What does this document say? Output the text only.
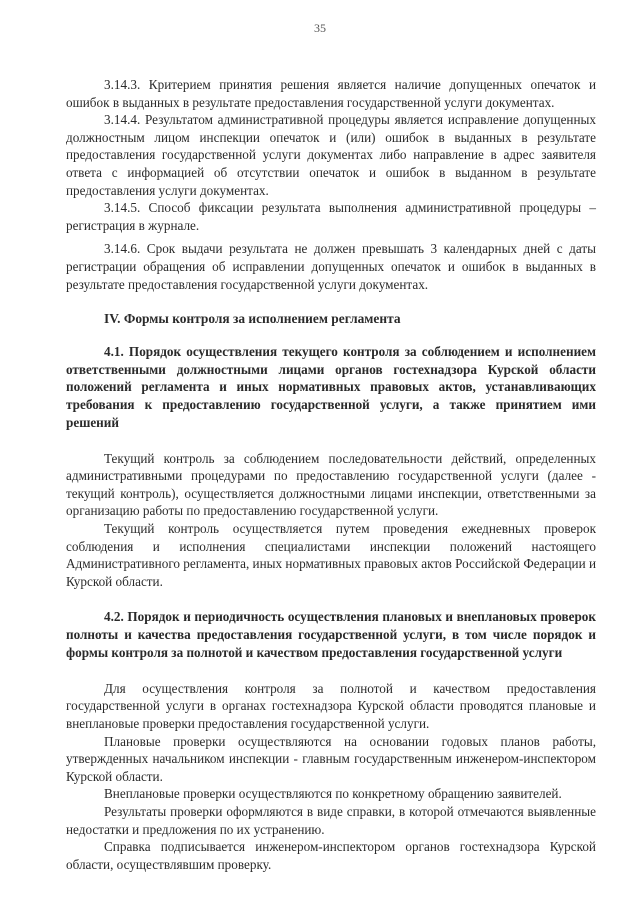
35

3.14.3. Критерием принятия решения является наличие допущенных опечаток и ошибок в выданных в результате предоставления государственной услуги документах.

3.14.4. Результатом административной процедуры является исправление допущенных должностным лицом инспекции опечаток и (или) ошибок в выданных в результате предоставления государственной услуги документах либо направление в адрес заявителя ответа с информацией об отсутствии опечаток и ошибок в выданном в результате предоставления услуги документах.

3.14.5. Способ фиксации результата выполнения административной процедуры – регистрация в журнале.

3.14.6. Срок выдачи результата не должен превышать 3 календарных дней с даты регистрации обращения об исправлении допущенных опечаток и ошибок в выданных в результате предоставления государственной услуги документах.

IV. Формы контроля за исполнением регламента

4.1. Порядок осуществления текущего контроля за соблюдением и исполнением ответственными должностными лицами органов гостехнадзора Курской области положений регламента и иных нормативных правовых актов, устанавливающих требования к предоставлению государственной услуги, а также принятием ими решений

Текущий контроль за соблюдением последовательности действий, определенных административными процедурами по предоставлению государственной услуги (далее - текущий контроль), осуществляется должностными лицами инспекции, ответственными за организацию работы по предоставлению государственной услуги.

Текущий контроль осуществляется путем проведения ежедневных проверок соблюдения и исполнения специалистами инспекции положений настоящего Административного регламента, иных нормативных правовых актов Российской Федерации и Курской области.

4.2. Порядок и периодичность осуществления плановых и внеплановых проверок полноты и качества предоставления государственной услуги, в том числе порядок и формы контроля за полнотой и качеством предоставления государственной услуги

Для осуществления контроля за полнотой и качеством предоставления государственной услуги в органах гостехнадзора Курской области проводятся плановые и внеплановые проверки предоставления государственной услуги.

Плановые проверки осуществляются на основании годовых планов работы, утвержденных начальником инспекции - главным государственным инженером-инспектором Курской области.

Внеплановые проверки осуществляются по конкретному обращению заявителей.

Результаты проверки оформляются в виде справки, в которой отмечаются выявленные недостатки и предложения по их устранению.

Справка подписывается инженером-инспектором органов гостехнадзора Курской области, осуществлявшим проверку.
